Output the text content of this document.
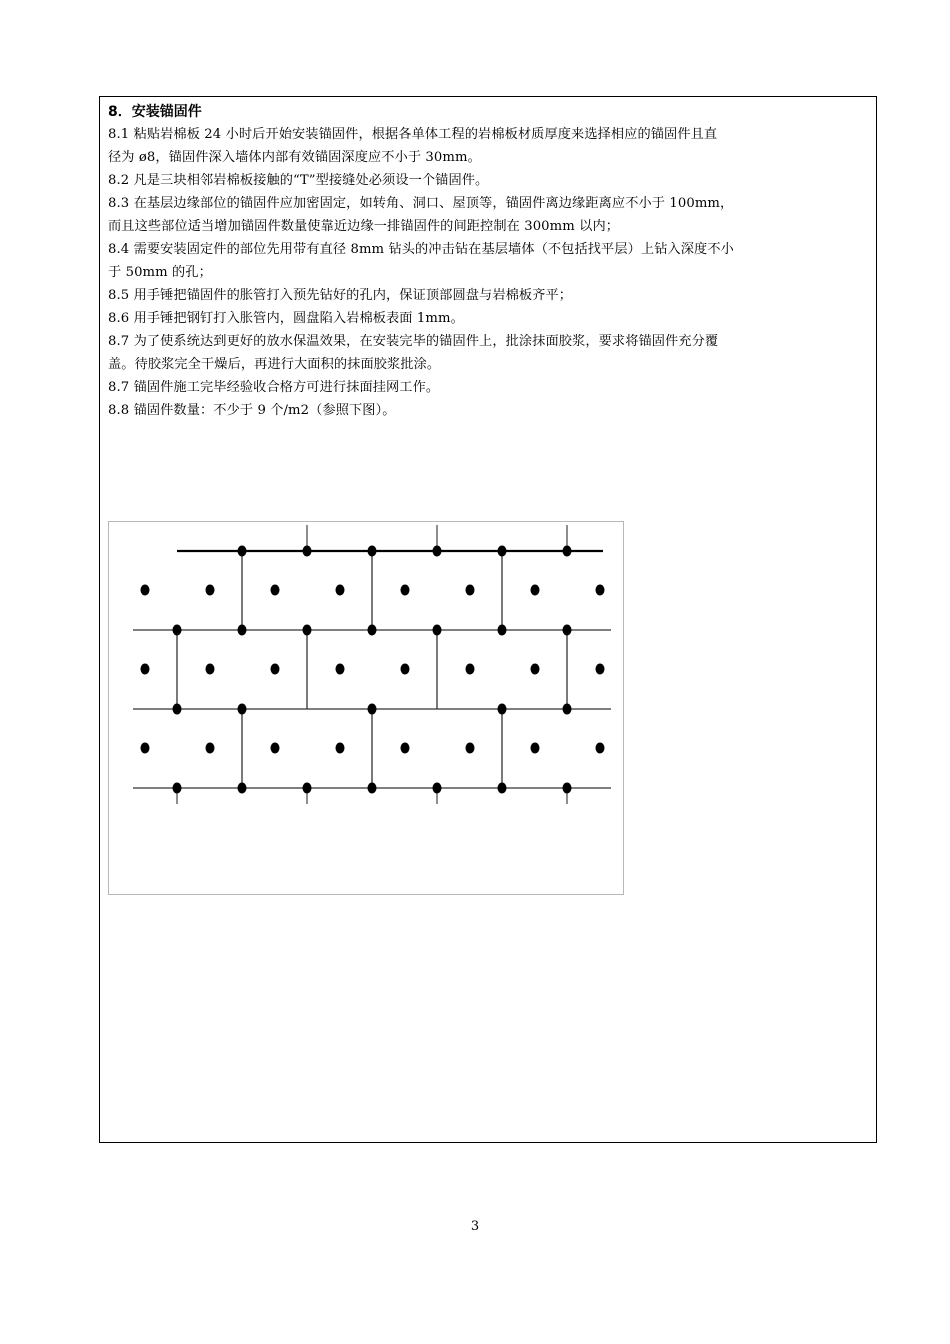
8．安装锚固件

8.1 粘贴岩棉板 24 小时后开始安装锚固件，根据各单体工程的岩棉板材质厚度来选择相应的锚固件且直

径为 ø8，锚固件深入墙体内部有效锚固深度应不小于 30mm。

8.2 凡是三块相邻岩棉板接触的“T”型接缝处必须设一个锚固件。

8.3 在基层边缘部位的锚固件应加密固定，如转角、洞口、屋顶等，锚固件离边缘距离应不小于 100mm，

而且这些部位适当增加锚固件数量使靠近边缘一排锚固件的间距控制在 300mm 以内；

8.4 需要安装固定件的部位先用带有直径 8mm 钻头的冲击钻在基层墙体（不包括找平层）上钻入深度不小

于 50mm 的孔；

8.5 用手锤把锚固件的胀管打入预先钻好的孔内，保证顶部圆盘与岩棉板齐平；

8.6 用手锤把钢钉打入胀管内，圆盘陷入岩棉板表面 1mm。

8.7 为了使系统达到更好的放水保温效果，在安装完毕的锚固件上，批涂抹面胶浆，要求将锚固件充分覆

盖。待胶浆完全干燥后，再进行大面积的抹面胶浆批涂。

8.7 锚固件施工完毕经验收合格方可进行抹面挂网工作。

8.8 锚固件数量：不少于 9 个/m2（参照下图）。

3
